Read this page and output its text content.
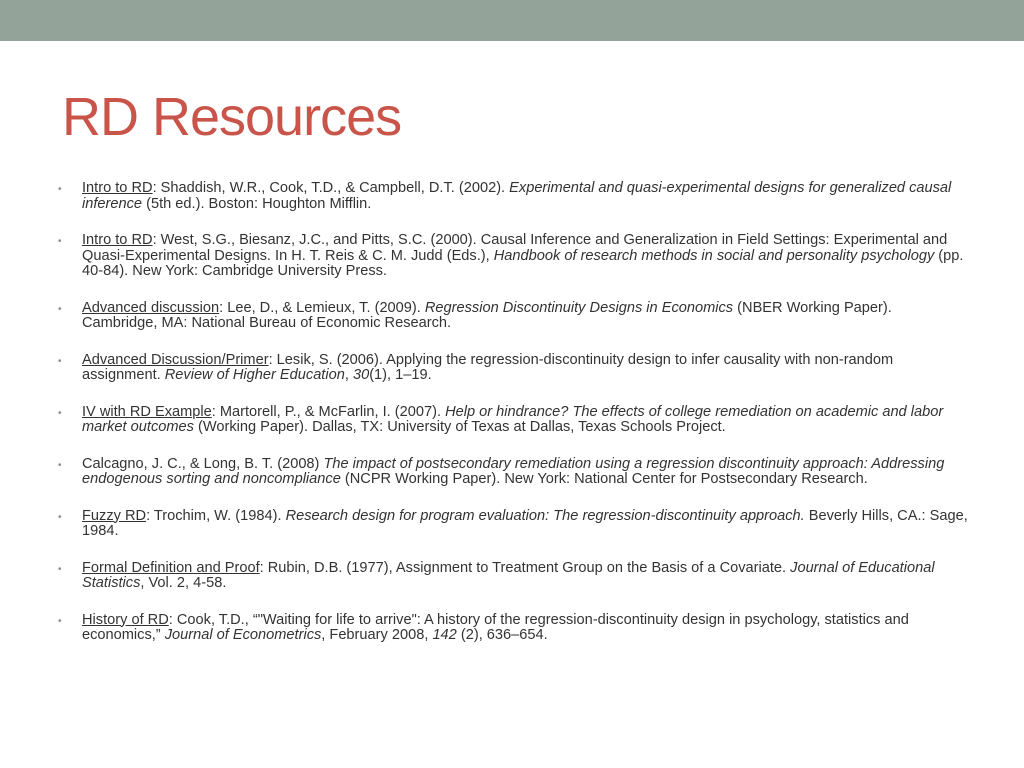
RD Resources
• Intro to RD: Shaddish, W.R., Cook, T.D., & Campbell, D.T. (2002). Experimental and quasi-experimental designs for generalized causal inference (5th ed.). Boston: Houghton Mifflin.
• Intro to RD: West, S.G., Biesanz, J.C., and Pitts, S.C. (2000). Causal Inference and Generalization in Field Settings: Experimental and Quasi-Experimental Designs. In H. T. Reis & C. M. Judd (Eds.), Handbook of research methods in social and personality psychology (pp. 40-84). New York: Cambridge University Press.
• Advanced discussion: Lee, D., & Lemieux, T. (2009). Regression Discontinuity Designs in Economics (NBER Working Paper). Cambridge, MA: National Bureau of Economic Research.
• Advanced Discussion/Primer: Lesik, S. (2006). Applying the regression-discontinuity design to infer causality with non-random assignment. Review of Higher Education, 30(1), 1–19.
• IV with RD Example: Martorell, P., & McFarlin, I. (2007). Help or hindrance? The effects of college remediation on academic and labor market outcomes (Working Paper). Dallas, TX: University of Texas at Dallas, Texas Schools Project.
• Calcagno, J. C., & Long, B. T. (2008) The impact of postsecondary remediation using a regression discontinuity approach: Addressing endogenous sorting and noncompliance (NCPR Working Paper). New York: National Center for Postsecondary Research.
• Fuzzy RD: Trochim, W. (1984). Research design for program evaluation: The regression-discontinuity approach. Beverly Hills, CA.: Sage, 1984.
• Formal Definition and Proof: Rubin, D.B. (1977), Assignment to Treatment Group on the Basis of a Covariate. Journal of Educational Statistics, Vol. 2, 4-58.
• History of RD: Cook, T.D., “"Waiting for life to arrive": A history of the regression-discontinuity design in psychology, statistics and economics,” Journal of Econometrics, February 2008, 142 (2), 636–654.
